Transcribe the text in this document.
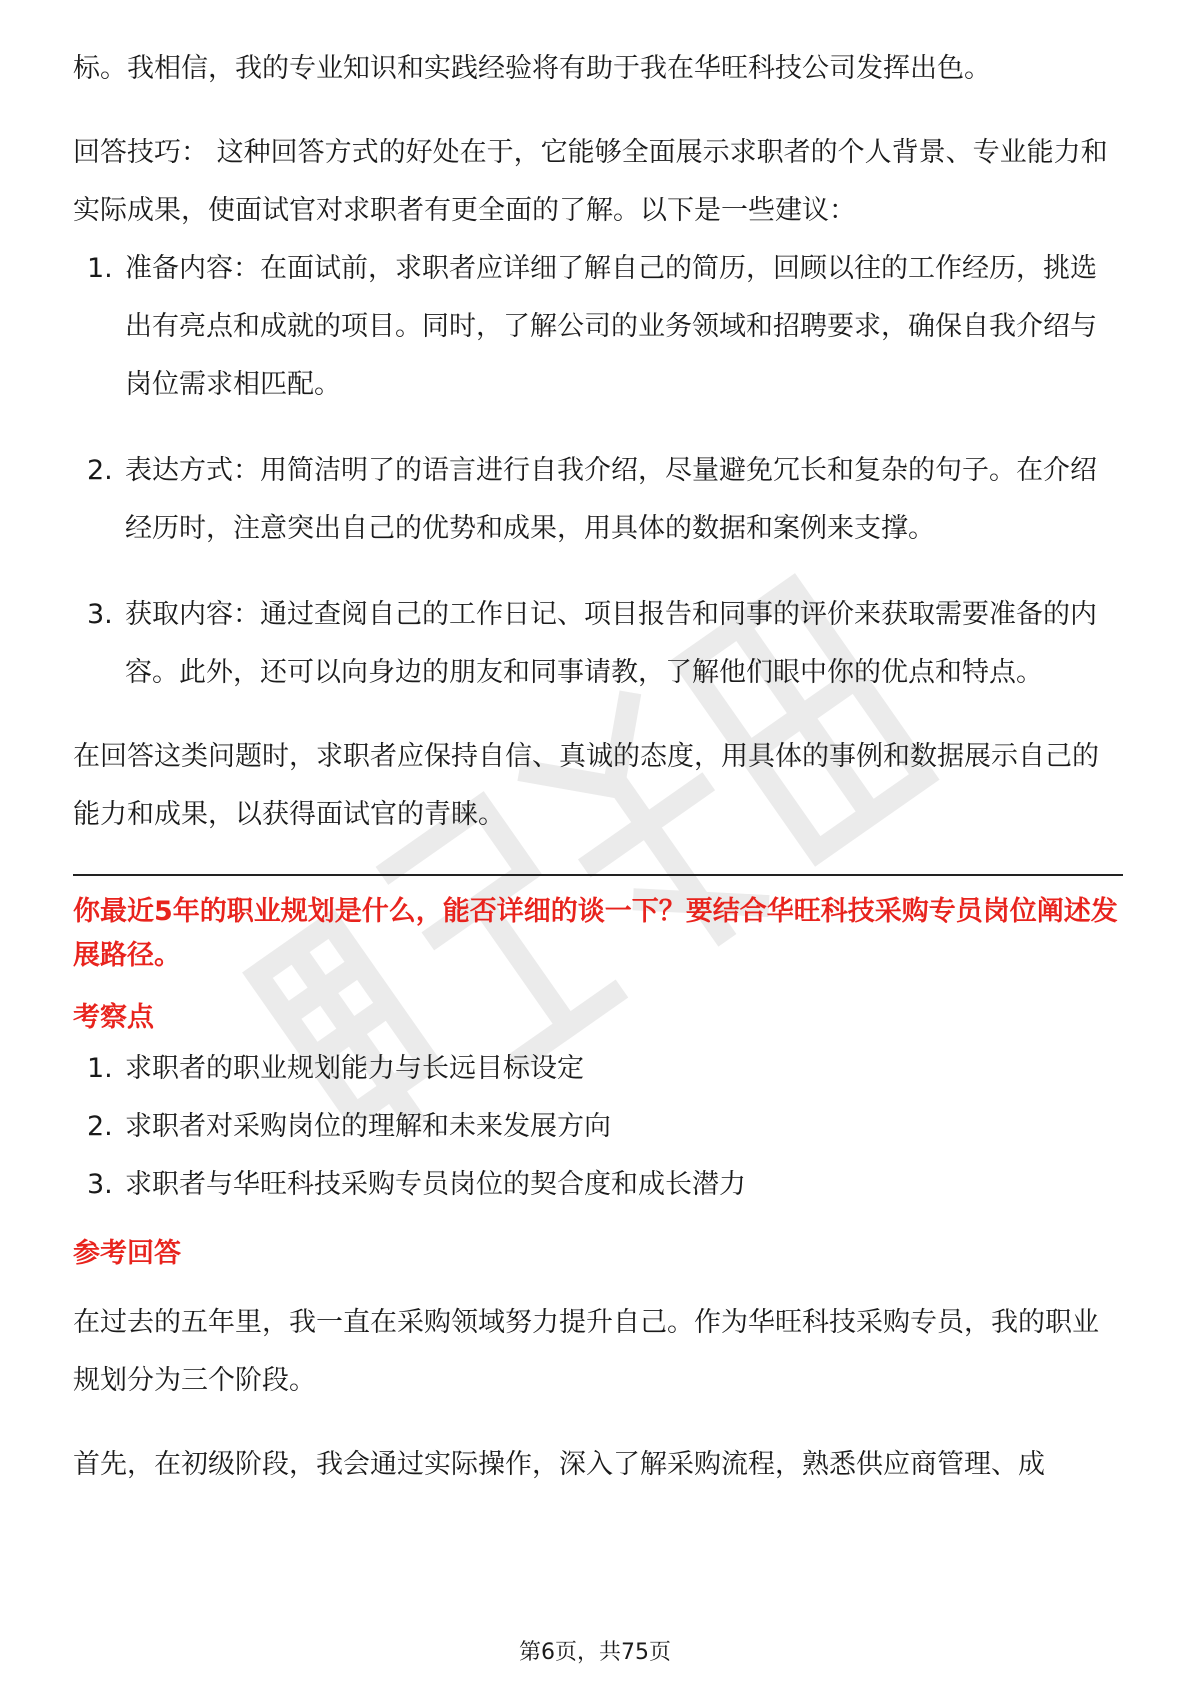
标。我相信，我的专业知识和实践经验将有助于我在华旺科技公司发挥出色。

回答技巧： 这种回答方式的好处在于，它能够全面展示求职者的个人背景、专业能力和实际成果，使面试官对求职者有更全面的了解。以下是一些建议：

1. 准备内容：在面试前，求职者应详细了解自己的简历，回顾以往的工作经历，挑选出有亮点和成就的项目。同时，了解公司的业务领域和招聘要求，确保自我介绍与岗位需求相匹配。
2. 表达方式：用简洁明了的语言进行自我介绍，尽量避免冗长和复杂的句子。在介绍经历时，注意突出自己的优势和成果，用具体的数据和案例来支撑。
3. 获取内容：通过查阅自己的工作日记、项目报告和同事的评价来获取需要准备的内容。此外，还可以向身边的朋友和同事请教，了解他们眼中你的优点和特点。

在回答这类问题时，求职者应保持自信、真诚的态度，用具体的事例和数据展示自己的能力和成果，以获得面试官的青睐。

你最近5年的职业规划是什么，能否详细的谈一下？要结合华旺科技采购专员岗位阐述发展路径。
考察点
1. 求职者的职业规划能力与长远目标设定
2. 求职者对采购岗位的理解和未来发展方向
3. 求职者与华旺科技采购专员岗位的契合度和成长潜力
参考回答

在过去的五年里，我一直在采购领域努力提升自己。作为华旺科技采购专员，我的职业规划分为三个阶段。

首先，在初级阶段，我会通过实际操作，深入了解采购流程，熟悉供应商管理、成

第6页，共75页
